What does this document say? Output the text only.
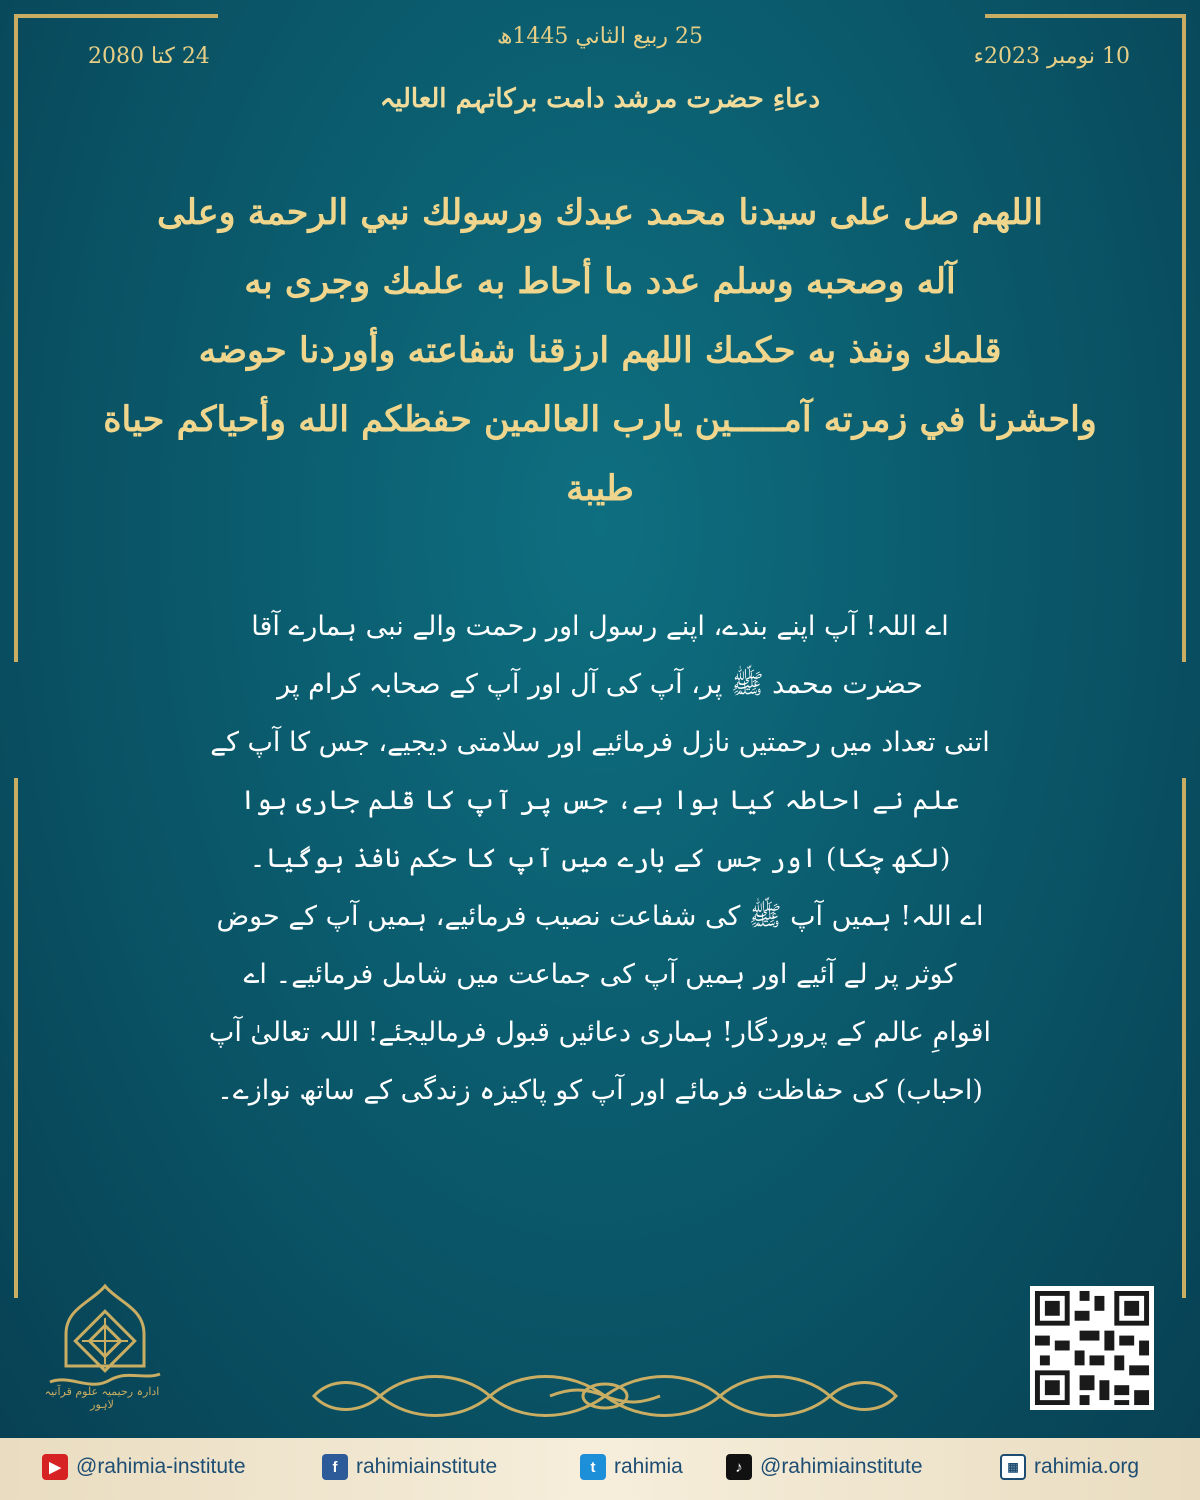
24 کتا 2080
25 ربیع الثاني 1445ھ
10 نومبر 2023ء
دعاءِ حضرت مرشد دامت برکاتہم العالیہ
اللهم صل على سيدنا محمد عبدك ورسولك نبي الرحمة وعلى
آله وصحبه وسلم عدد ما أحاط به علمك وجرى به
قلمك ونفذ به حكمك اللهم ارزقنا شفاعته وأوردنا حوضه
واحشرنا في زمرته آمـــــين يارب العالمين حفظكم الله وأحياكم حياة
طيبة
اے اللہ! آپ اپنے بندے، اپنے رسول اور رحمت والے نبی ہمارے آقا
حضرت محمد ﷺ پر، آپ کی آل اور آپ کے صحابہ کرام پر
اتنی تعداد میں رحمتیں نازل فرمائیے اور سلامتی دیجیے، جس کا آپ کے
علم نے احاطہ کیا ہوا ہے، جس پر آپ کا قلم جاری ہوا
(لکھ چکا) اور جس کے بارے میں آپ کا حکم نافذ ہوگیا۔
اے اللہ! ہمیں آپ ﷺ کی شفاعت نصیب فرمائیے، ہمیں آپ کے حوض
کوثر پر لے آئیے اور ہمیں آپ کی جماعت میں شامل فرمائیے۔ اے
اقوامِ عالم کے پروردگار! ہماری دعائیں قبول فرمالیجئے! اللہ تعالیٰ آپ
(احباب) کی حفاظت فرمائے اور آپ کو پاکیزہ زندگی کے ساتھ نوازے۔
ادارہ رحیمیہ علوم قرآنیہ لاہور
▶ @rahimia-institute	f rahimiainstitute	t rahimia	♪ @rahimiainstitute	▦ rahimia.org
